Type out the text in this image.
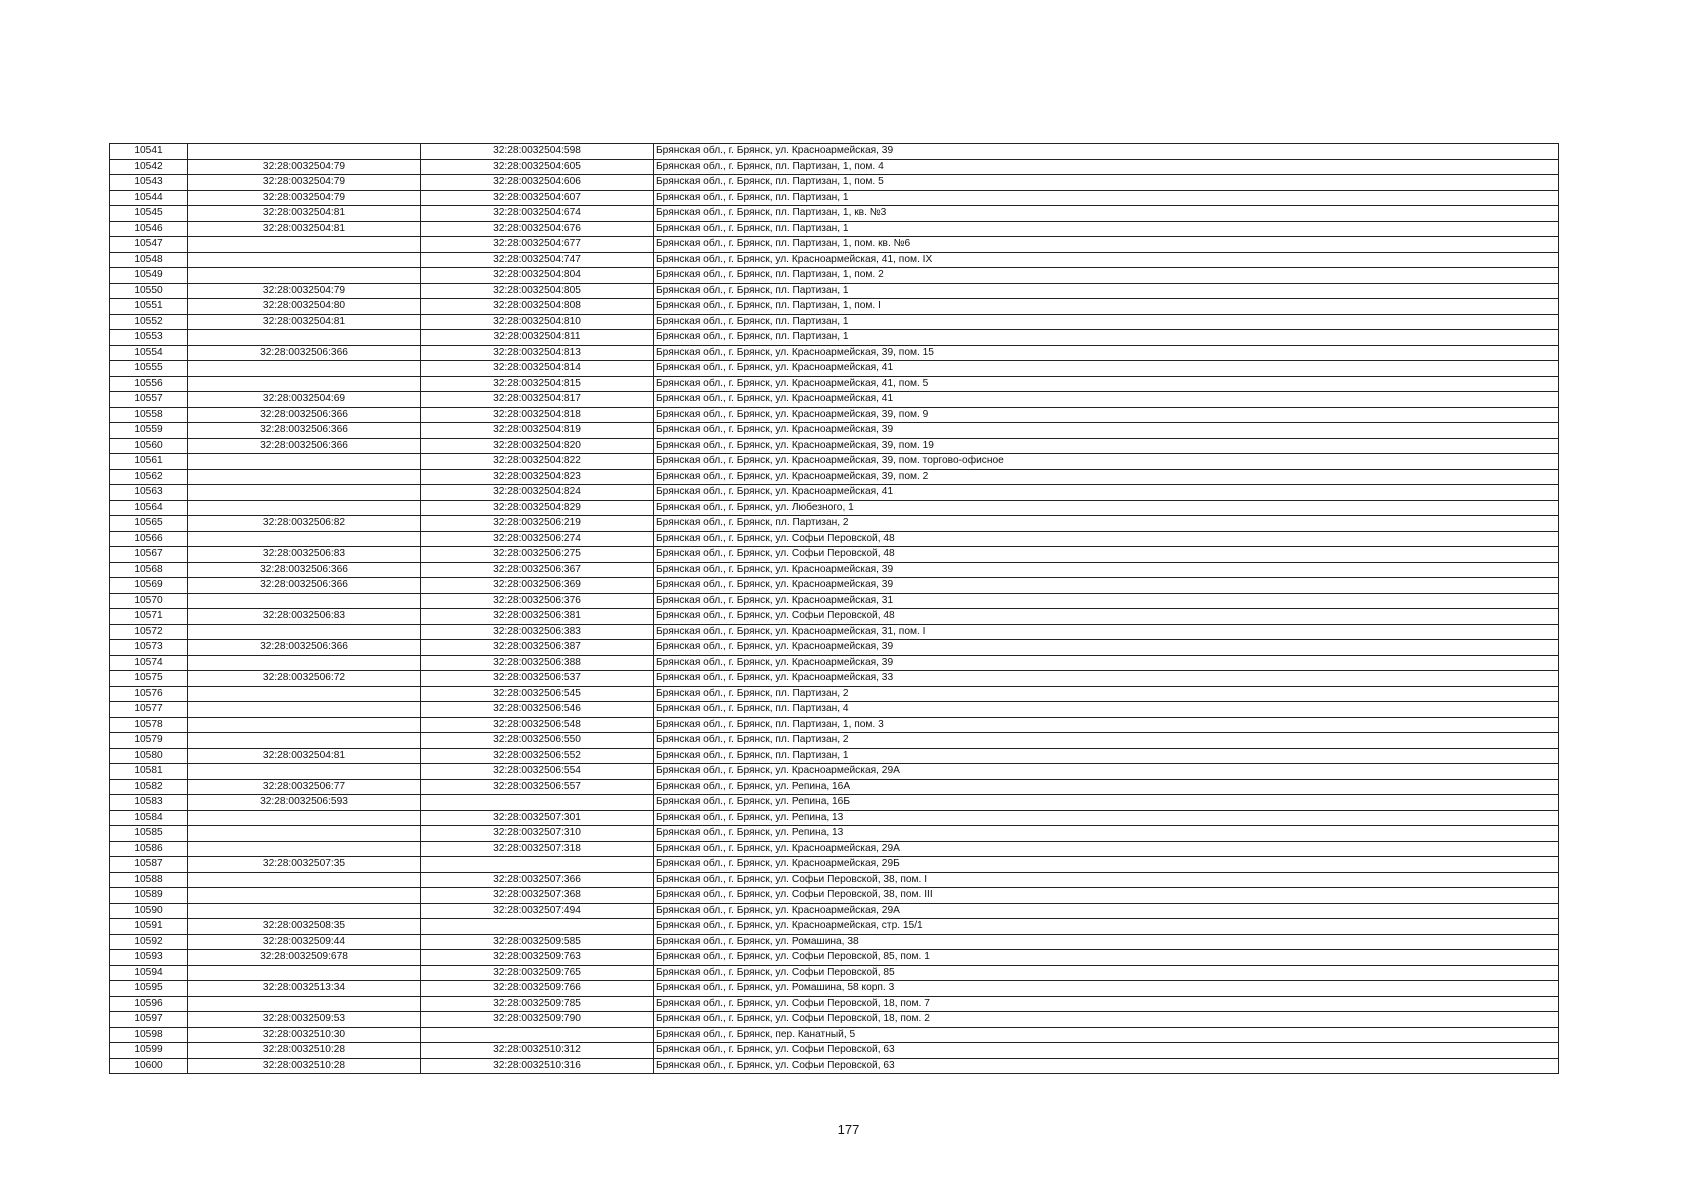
10541		32:28:0032504:598	Брянская обл., г. Брянск, ул. Красноармейская, 39
10542	32:28:0032504:79	32:28:0032504:605	Брянская обл., г. Брянск, пл. Партизан, 1, пом. 4
10543	32:28:0032504:79	32:28:0032504:606	Брянская обл., г. Брянск, пл. Партизан, 1, пом. 5
10544	32:28:0032504:79	32:28:0032504:607	Брянская обл., г. Брянск, пл. Партизан, 1
10545	32:28:0032504:81	32:28:0032504:674	Брянская обл., г. Брянск, пл. Партизан, 1, кв. №3
10546	32:28:0032504:81	32:28:0032504:676	Брянская обл., г. Брянск, пл. Партизан, 1
10547		32:28:0032504:677	Брянская обл., г. Брянск, пл. Партизан, 1, пом. кв. №6
10548		32:28:0032504:747	Брянская обл., г. Брянск, ул. Красноармейская, 41, пом. IX
10549		32:28:0032504:804	Брянская обл., г. Брянск, пл. Партизан, 1, пом. 2
10550	32:28:0032504:79	32:28:0032504:805	Брянская обл., г. Брянск, пл. Партизан, 1
10551	32:28:0032504:80	32:28:0032504:808	Брянская обл., г. Брянск, пл. Партизан, 1, пом. I
10552	32:28:0032504:81	32:28:0032504:810	Брянская обл., г. Брянск, пл. Партизан, 1
10553		32:28:0032504:811	Брянская обл., г. Брянск, пл. Партизан, 1
10554	32:28:0032506:366	32:28:0032504:813	Брянская обл., г. Брянск, ул. Красноармейская, 39, пом. 15
10555		32:28:0032504:814	Брянская обл., г. Брянск, ул. Красноармейская, 41
10556		32:28:0032504:815	Брянская обл., г. Брянск, ул. Красноармейская, 41, пом. 5
10557	32:28:0032504:69	32:28:0032504:817	Брянская обл., г. Брянск, ул. Красноармейская, 41
10558	32:28:0032506:366	32:28:0032504:818	Брянская обл., г. Брянск, ул. Красноармейская, 39, пом. 9
10559	32:28:0032506:366	32:28:0032504:819	Брянская обл., г. Брянск, ул. Красноармейская, 39
10560	32:28:0032506:366	32:28:0032504:820	Брянская обл., г. Брянск, ул. Красноармейская, 39, пом. 19
10561		32:28:0032504:822	Брянская обл., г. Брянск, ул. Красноармейская, 39, пом. торгово-офисное
10562		32:28:0032504:823	Брянская обл., г. Брянск, ул. Красноармейская, 39, пом. 2
10563		32:28:0032504:824	Брянская обл., г. Брянск, ул. Красноармейская, 41
10564		32:28:0032504:829	Брянская обл., г. Брянск, ул. Любезного, 1
10565	32:28:0032506:82	32:28:0032506:219	Брянская обл., г. Брянск, пл. Партизан, 2
10566		32:28:0032506:274	Брянская обл., г. Брянск, ул. Софьи Перовской, 48
10567	32:28:0032506:83	32:28:0032506:275	Брянская обл., г. Брянск, ул. Софьи Перовской, 48
10568	32:28:0032506:366	32:28:0032506:367	Брянская обл., г. Брянск, ул. Красноармейская, 39
10569	32:28:0032506:366	32:28:0032506:369	Брянская обл., г. Брянск, ул. Красноармейская, 39
10570		32:28:0032506:376	Брянская обл., г. Брянск, ул. Красноармейская, 31
10571	32:28:0032506:83	32:28:0032506:381	Брянская обл., г. Брянск, ул. Софьи Перовской, 48
10572		32:28:0032506:383	Брянская обл., г. Брянск, ул. Красноармейская, 31, пом. I
10573	32:28:0032506:366	32:28:0032506:387	Брянская обл., г. Брянск, ул. Красноармейская, 39
10574		32:28:0032506:388	Брянская обл., г. Брянск, ул. Красноармейская, 39
10575	32:28:0032506:72	32:28:0032506:537	Брянская обл., г. Брянск, ул. Красноармейская, 33
10576		32:28:0032506:545	Брянская обл., г. Брянск, пл. Партизан, 2
10577		32:28:0032506:546	Брянская обл., г. Брянск, пл. Партизан, 4
10578		32:28:0032506:548	Брянская обл., г. Брянск, пл. Партизан, 1, пом. 3
10579		32:28:0032506:550	Брянская обл., г. Брянск, пл. Партизан, 2
10580	32:28:0032504:81	32:28:0032506:552	Брянская обл., г. Брянск, пл. Партизан, 1
10581		32:28:0032506:554	Брянская обл., г. Брянск, ул. Красноармейская, 29А
10582	32:28:0032506:77	32:28:0032506:557	Брянская обл., г. Брянск, ул. Репина, 16А
10583	32:28:0032506:593		Брянская обл., г. Брянск, ул. Репина, 16Б
10584		32:28:0032507:301	Брянская обл., г. Брянск, ул. Репина, 13
10585		32:28:0032507:310	Брянская обл., г. Брянск, ул. Репина, 13
10586		32:28:0032507:318	Брянская обл., г. Брянск, ул. Красноармейская, 29А
10587	32:28:0032507:35		Брянская обл., г. Брянск, ул. Красноармейская, 29Б
10588		32:28:0032507:366	Брянская обл., г. Брянск, ул. Софьи Перовской, 38, пом. I
10589		32:28:0032507:368	Брянская обл., г. Брянск, ул. Софьи Перовской, 38, пом. III
10590		32:28:0032507:494	Брянская обл., г. Брянск, ул. Красноармейская, 29А
10591	32:28:0032508:35		Брянская обл., г. Брянск, ул. Красноармейская, стр. 15/1
10592	32:28:0032509:44	32:28:0032509:585	Брянская обл., г. Брянск, ул. Ромашина, 38
10593	32:28:0032509:678	32:28:0032509:763	Брянская обл., г. Брянск, ул. Софьи Перовской, 85, пом. 1
10594		32:28:0032509:765	Брянская обл., г. Брянск, ул. Софьи Перовской, 85
10595	32:28:0032513:34	32:28:0032509:766	Брянская обл., г. Брянск, ул. Ромашина, 58 корп. 3
10596		32:28:0032509:785	Брянская обл., г. Брянск, ул. Софьи Перовской, 18, пом. 7
10597	32:28:0032509:53	32:28:0032509:790	Брянская обл., г. Брянск, ул. Софьи Перовской, 18, пом. 2
10598	32:28:0032510:30		Брянская обл., г. Брянск, пер. Канатный, 5
10599	32:28:0032510:28	32:28:0032510:312	Брянская обл., г. Брянск, ул. Софьи Перовской, 63
10600	32:28:0032510:28	32:28:0032510:316	Брянская обл., г. Брянск, ул. Софьи Перовской, 63
177
